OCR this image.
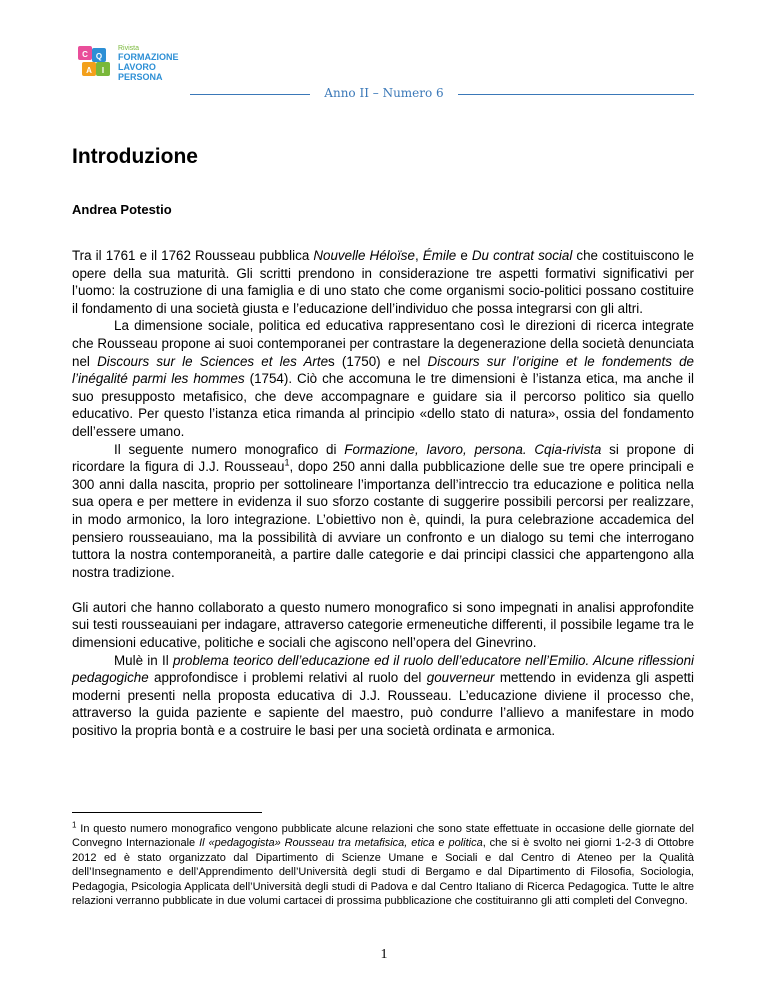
C Q
A I
Rivista
FORMAZIONE
LAVORO
PERSONA
Anno II – Numero 6
Introduzione
Andrea Potestio

Tra il 1761 e il 1762 Rousseau pubblica Nouvelle Héloïse, Émile e Du contrat social che costituiscono le opere della sua maturità. Gli scritti prendono in considerazione tre aspetti formativi significativi per l’uomo: la costruzione di una famiglia e di uno stato che come organismi socio-politici possano costituire il fondamento di una società giusta e l’educazione dell’individuo che possa integrarsi con gli altri.

La dimensione sociale, politica ed educativa rappresentano così le direzioni di ricerca integrate che Rousseau propone ai suoi contemporanei per contrastare la degenerazione della società denunciata nel Discours sur le Sciences et les Artes (1750) e nel Discours sur l’origine et le fondements de l’inégalité parmi les hommes (1754). Ciò che accomuna le tre dimensioni è l’istanza etica, ma anche il suo presupposto metafisico, che deve accompagnare e guidare sia il percorso politico sia quello educativo. Per questo l’istanza etica rimanda al principio «dello stato di natura», ossia del fondamento dell’essere umano.

Il seguente numero monografico di Formazione, lavoro, persona. Cqia-rivista si propone di ricordare la figura di J.J. Rousseau$^1$, dopo 250 anni dalla pubblicazione delle sue tre opere principali e 300 anni dalla nascita, proprio per sottolineare l’importanza dell’intreccio tra educazione e politica nella sua opera e per mettere in evidenza il suo sforzo costante di suggerire possibili percorsi per realizzare, in modo armonico, la loro integrazione. L’obiettivo non è, quindi, la pura celebrazione accademica del pensiero rousseauiano, ma la possibilità di avviare un confronto e un dialogo su temi che interrogano tuttora la nostra contemporaneità, a partire dalle categorie e dai principi classici che appartengono alla nostra tradizione.

Gli autori che hanno collaborato a questo numero monografico si sono impegnati in analisi approfondite sui testi rousseauiani per indagare, attraverso categorie ermeneutiche differenti, il possibile legame tra le dimensioni educative, politiche e sociali che agiscono nell’opera del Ginevrino.

Mulè in Il problema teorico dell’educazione ed il ruolo dell’educatore nell’Emilio. Alcune riflessioni pedagogiche approfondisce i problemi relativi al ruolo del gouverneur mettendo in evidenza gli aspetti moderni presenti nella proposta educativa di J.J. Rousseau. L’educazione diviene il processo che, attraverso la guida paziente e sapiente del maestro, può condurre l’allievo a manifestare in modo positivo la propria bontà e a costruire le basi per una società ordinata e armonica.

$^1$ In questo numero monografico vengono pubblicate alcune relazioni che sono state effettuate in occasione delle giornate del Convegno Internazionale Il «pedagogista» Rousseau tra metafisica, etica e politica, che si è svolto nei giorni 1-2-3 di Ottobre 2012 ed è stato organizzato dal Dipartimento di Scienze Umane e Sociali e dal Centro di Ateneo per la Qualità dell’Insegnamento e dell’Apprendimento dell’Università degli studi di Bergamo e dal Dipartimento di Filosofia, Sociologia, Pedagogia, Psicologia Applicata dell’Università degli studi di Padova e dal Centro Italiano di Ricerca Pedagogica. Tutte le altre relazioni verranno pubblicate in due volumi cartacei di prossima pubblicazione che costituiranno gli atti completi del Convegno.
1
